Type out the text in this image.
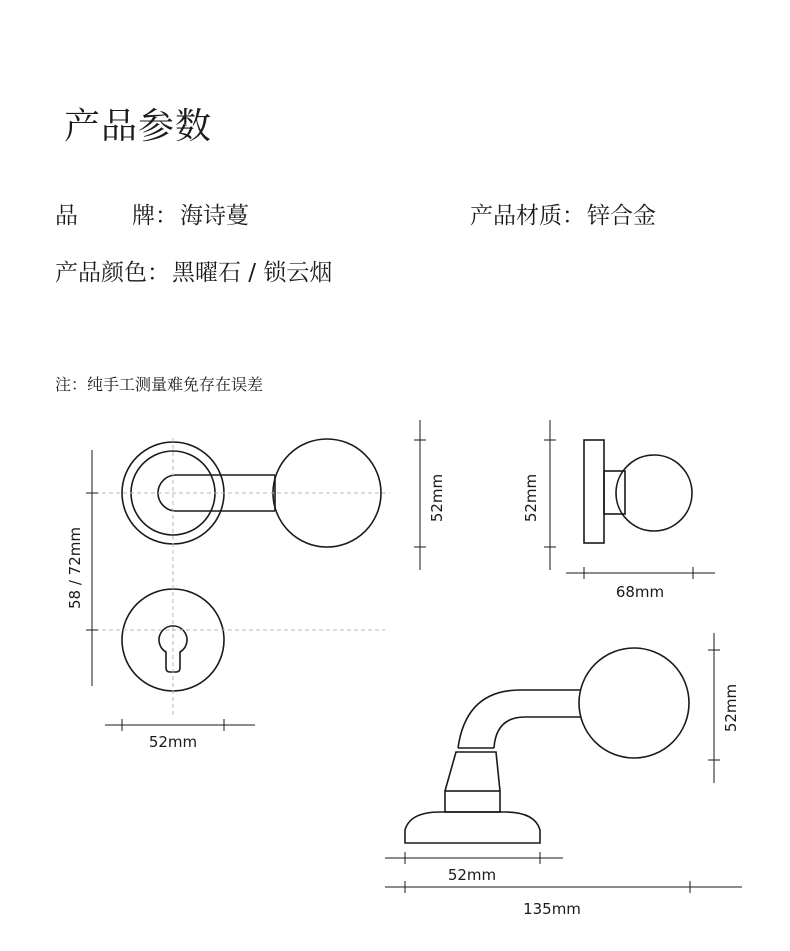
产品参数
品 牌：海诗蔓	产品材质：锌合金
产品颜色：黑曜石 / 锁云烟
注：纯手工测量难免存在误差
58 / 72mm
52mm
52mm	52mm
68mm
52mm
52mm
135mm
